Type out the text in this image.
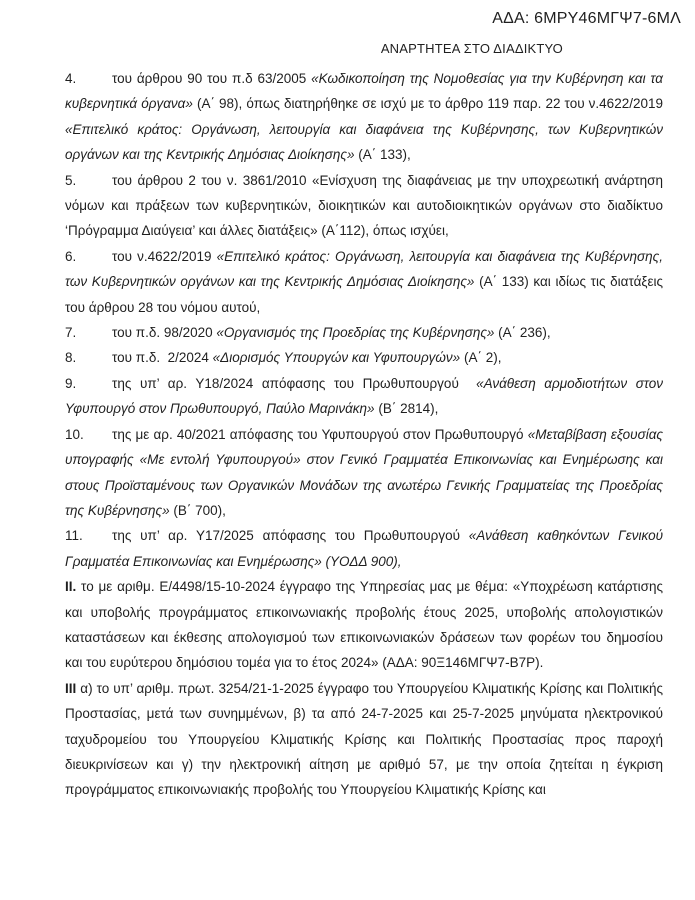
ΑΔΑ: 6ΜΡΥ46ΜΓΨ7-6ΜΛ
ΑΝΑΡΤΗΤΕΑ ΣΤΟ ΔΙΑΔΙΚΤΥΟ
4.	του άρθρου 90 του π.δ 63/2005 «Κωδικοποίηση της Νομοθεσίας για την Κυβέρνηση και τα κυβερνητικά όργανα» (Α΄ 98), όπως διατηρήθηκε σε ισχύ με το άρθρο 119 παρ. 22 του ν.4622/2019 «Επιτελικό κράτος: Οργάνωση, λειτουργία και διαφάνεια της Κυβέρνησης, των Κυβερνητικών οργάνων και της Κεντρικής Δημόσιας Διοίκησης» (Α΄ 133),
5.	του άρθρου 2 του ν. 3861/2010 «Ενίσχυση της διαφάνειας με την υποχρεωτική ανάρτηση νόμων και πράξεων των κυβερνητικών, διοικητικών και αυτοδιοικητικών οργάνων στο διαδίκτυο ‘Πρόγραμμα Διαύγεια’ και άλλες διατάξεις» (Α΄112), όπως ισχύει,
6.	του ν.4622/2019 «Επιτελικό κράτος: Οργάνωση, λειτουργία και διαφάνεια της Κυβέρνησης, των Κυβερνητικών οργάνων και της Κεντρικής Δημόσιας Διοίκησης» (Α΄ 133) και ιδίως τις διατάξεις του άρθρου 28 του νόμου αυτού,
7.	του π.δ. 98/2020 «Οργανισμός της Προεδρίας της Κυβέρνησης» (Α΄ 236),
8.	του π.δ.  2/2024 «Διορισμός Υπουργών και Υφυπουργών» (Α΄ 2),
9.	της υπ’ αρ. Υ18/2024 απόφασης του Πρωθυπουργού  «Ανάθεση αρμοδιοτήτων στον Υφυπουργό στον Πρωθυπουργό, Παύλο Μαρινάκη» (Β΄ 2814),
10. της με αρ. 40/2021 απόφασης του Υφυπουργού στον Πρωθυπουργό «Μεταβίβαση εξουσίας υπογραφής «Με εντολή Υφυπουργού» στον Γενικό Γραμματέα Επικοινωνίας και Ενημέρωσης και στους Προϊσταμένους των Οργανικών Μονάδων της ανωτέρω Γενικής Γραμματείας της Προεδρίας της Κυβέρνησης» (Β΄ 700),
11. της υπ’ αρ. Υ17/2025 απόφασης του Πρωθυπουργού «Ανάθεση καθηκόντων Γενικού Γραμματέα Επικοινωνίας και Ενημέρωσης» (ΥΟΔΔ 900),
II. το με αριθμ. Ε/4498/15-10-2024 έγγραφο της Υπηρεσίας μας με θέμα: «Υποχρέωση κατάρτισης και υποβολής προγράμματος επικοινωνιακής προβολής έτους 2025, υποβολής απολογιστικών καταστάσεων και έκθεσης απολογισμού των επικοινωνιακών δράσεων των φορέων του δημοσίου και του ευρύτερου δημόσιου τομέα για το έτος 2024» (ΑΔΑ: 90Ξ146ΜΓΨ7-Β7Ρ).
III α) το υπ’ αριθμ. πρωτ. 3254/21-1-2025 έγγραφο του Υπουργείου Κλιματικής Κρίσης και Πολιτικής Προστασίας, μετά των συνημμένων, β) τα από 24-7-2025 και 25-7-2025 μηνύματα ηλεκτρονικού ταχυδρομείου του Υπουργείου Κλιματικής Κρίσης και Πολιτικής Προστασίας προς παροχή διευκρινίσεων και γ) την ηλεκτρονική αίτηση με αριθμό 57, με την οποία ζητείται η έγκριση προγράμματος επικοινωνιακής προβολής του Υπουργείου Κλιματικής Κρίσης και
